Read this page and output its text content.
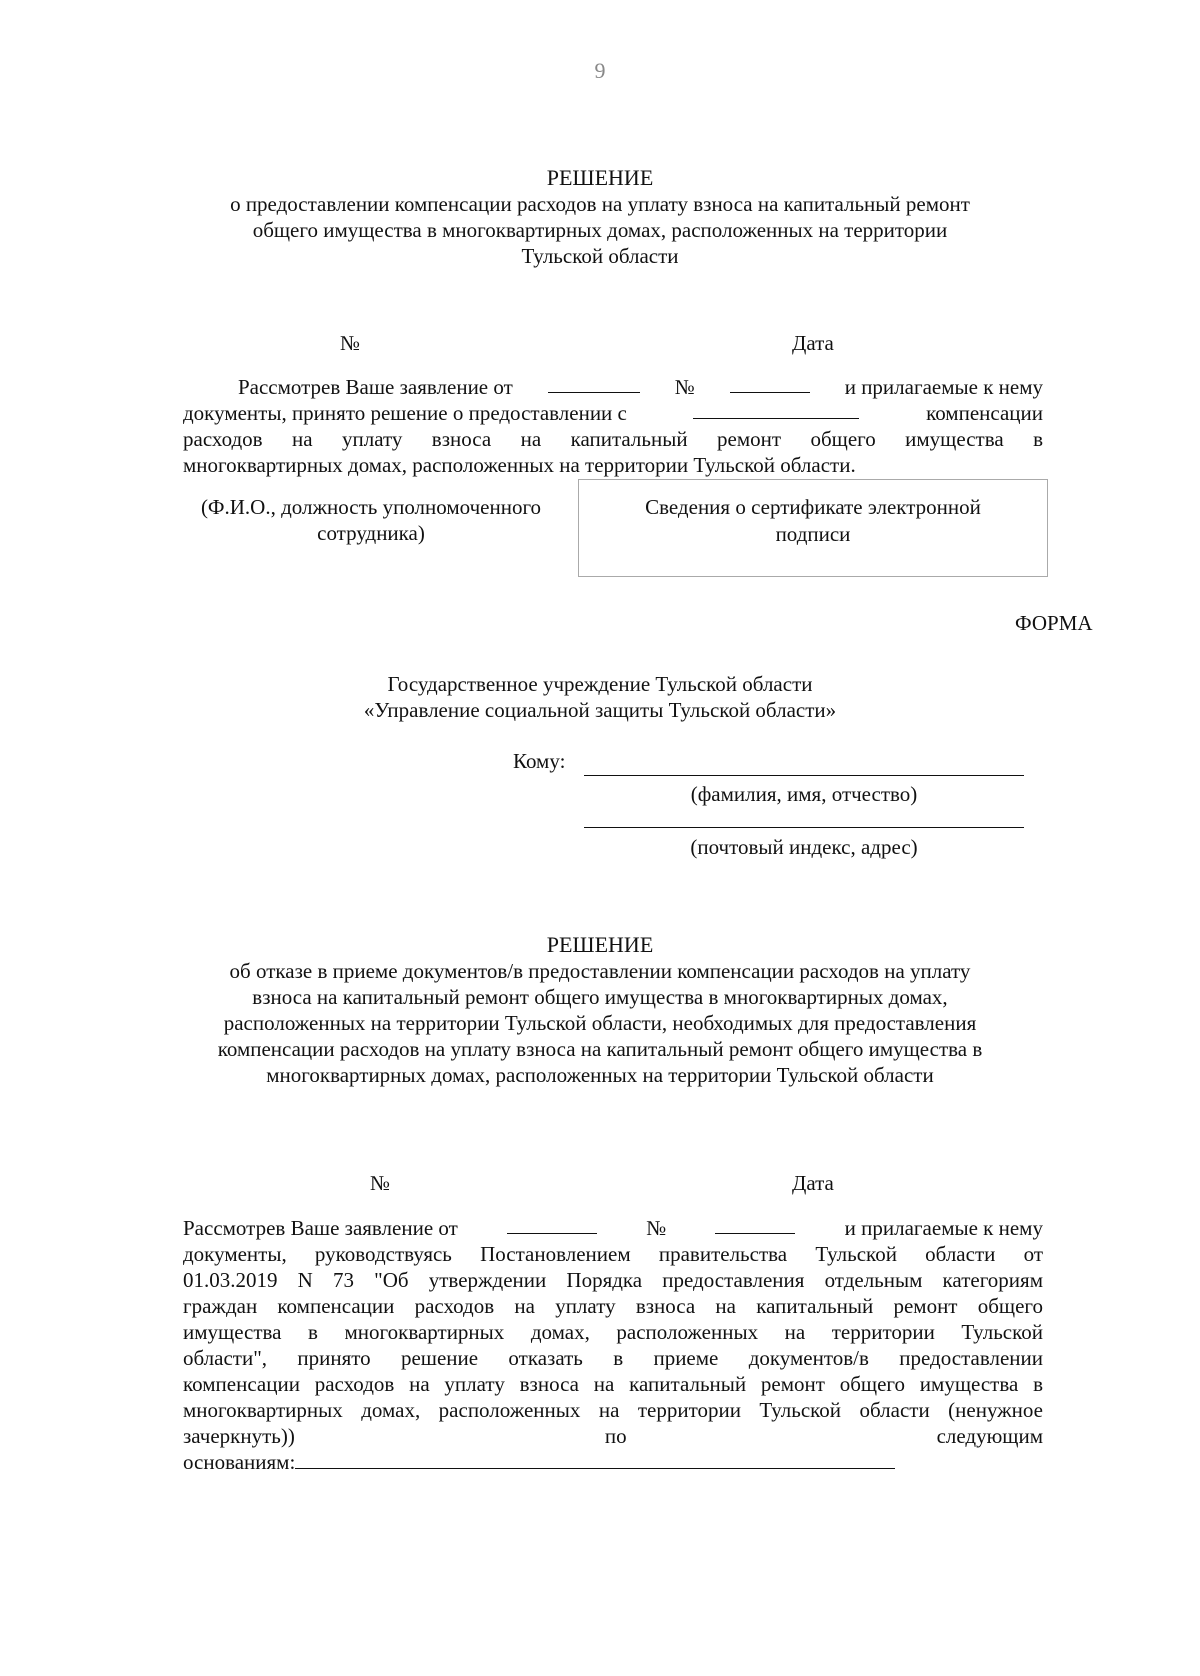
9
РЕШЕНИЕ
о предоставлении компенсации расходов на уплату взноса на капитальный ремонт
общего имущества в многоквартирных домах, расположенных на территории
Тульской области
№	Дата
Рассмотрев Ваше заявление от	№	и прилагаемые к нему
документы, принято решение о предоставлении с	компенсации
расходов на уплату взноса на капитальный ремонт общего имущества в
многоквартирных домах, расположенных на территории Тульской области.
(Ф.И.О., должность уполномоченного
сотрудника)
Сведения о сертификате электронной
подписи
ФОРМА
Государственное учреждение Тульской области
«Управление социальной защиты Тульской области»
Кому:
(фамилия, имя, отчество)
(почтовый индекс, адрес)
РЕШЕНИЕ
об отказе в приеме документов/в предоставлении компенсации расходов на уплату
взноса на капитальный ремонт общего имущества в многоквартирных домах,
расположенных на территории Тульской области, необходимых для предоставления
компенсации расходов на уплату взноса на капитальный ремонт общего имущества в
многоквартирных домах, расположенных на территории Тульской области
№	Дата
Рассмотрев Ваше заявление от	№	и прилагаемые к нему
документы, руководствуясь Постановлением правительства Тульской области от
01.03.2019 N 73 "Об утверждении Порядка предоставления отдельным категориям
граждан компенсации расходов на уплату взноса на капитальный ремонт общего
имущества в многоквартирных домах, расположенных на территории Тульской
области", принято решение отказать в приеме документов/в предоставлении
компенсации расходов на уплату взноса на капитальный ремонт общего имущества в
многоквартирных домах, расположенных на территории Тульской области (ненужное
зачеркнуть))	по	следующим
основаниям:
